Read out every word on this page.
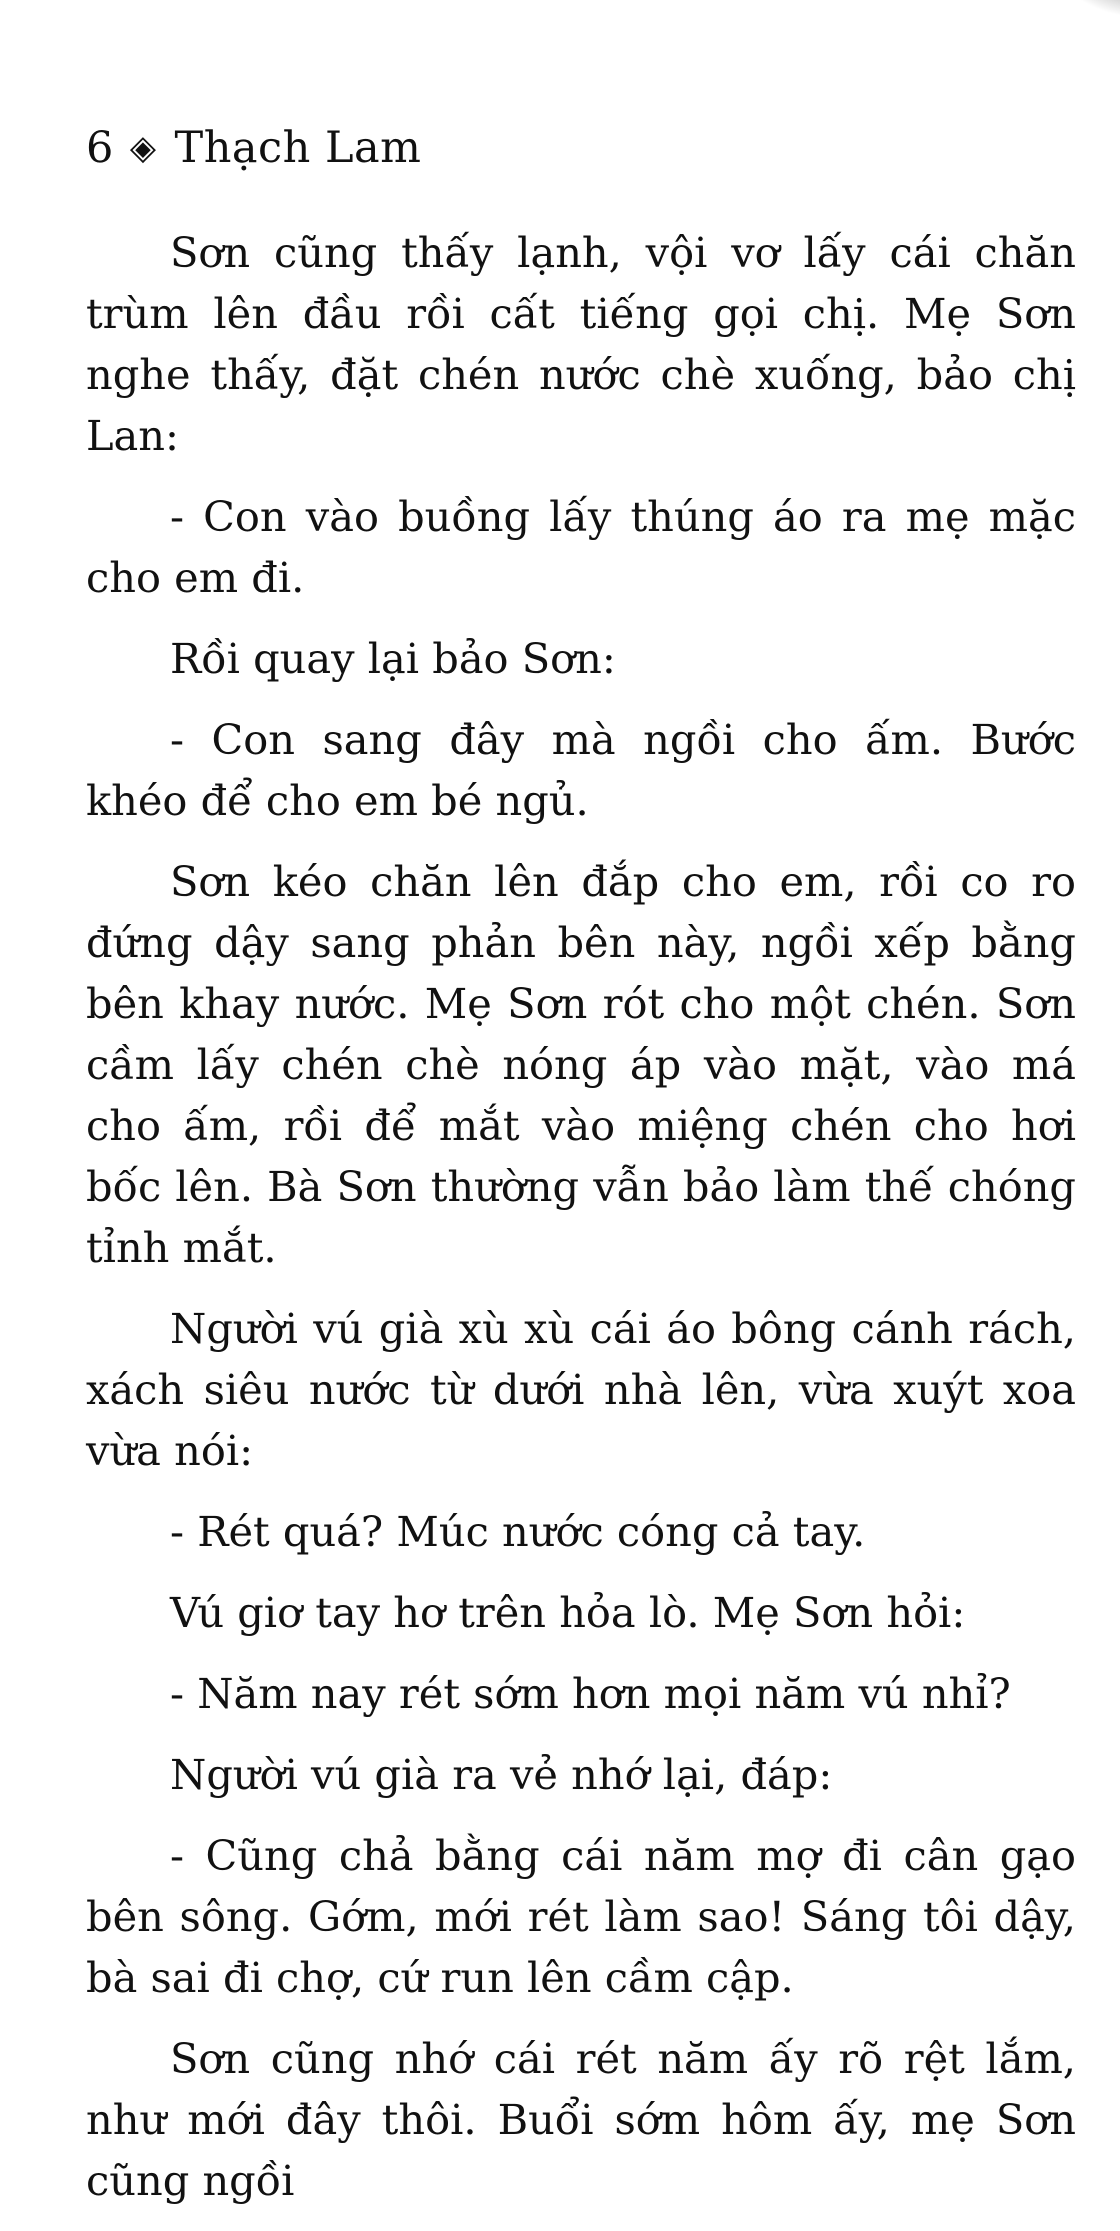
6 ◈ Thạch Lam

Sơn cũng thấy lạnh, vội vơ lấy cái chăn trùm lên đầu rồi cất tiếng gọi chị. Mẹ Sơn nghe thấy, đặt chén nước chè xuống, bảo chị Lan:

- Con vào buồng lấy thúng áo ra mẹ mặc cho em đi.

Rồi quay lại bảo Sơn:

- Con sang đây mà ngồi cho ấm. Bước khéo để cho em bé ngủ.

Sơn kéo chăn lên đắp cho em, rồi co ro đứng dậy sang phản bên này, ngồi xếp bằng bên khay nước. Mẹ Sơn rót cho một chén. Sơn cầm lấy chén chè nóng áp vào mặt, vào má cho ấm, rồi để mắt vào miệng chén cho hơi bốc lên. Bà Sơn thường vẫn bảo làm thế chóng tỉnh mắt.

Người vú già xù xù cái áo bông cánh rách, xách siêu nước từ dưới nhà lên, vừa xuýt xoa vừa nói:

- Rét quá? Múc nước cóng cả tay.

Vú giơ tay hơ trên hỏa lò. Mẹ Sơn hỏi:

- Năm nay rét sớm hơn mọi năm vú nhỉ?

Người vú già ra vẻ nhớ lại, đáp:

- Cũng chả bằng cái năm mợ đi cân gạo bên sông. Gớm, mới rét làm sao! Sáng tôi dậy, bà sai đi chợ, cứ run lên cầm cập.

Sơn cũng nhớ cái rét năm ấy rõ rệt lắm, như mới đây thôi. Buổi sớm hôm ấy, mẹ Sơn cũng ngồi
